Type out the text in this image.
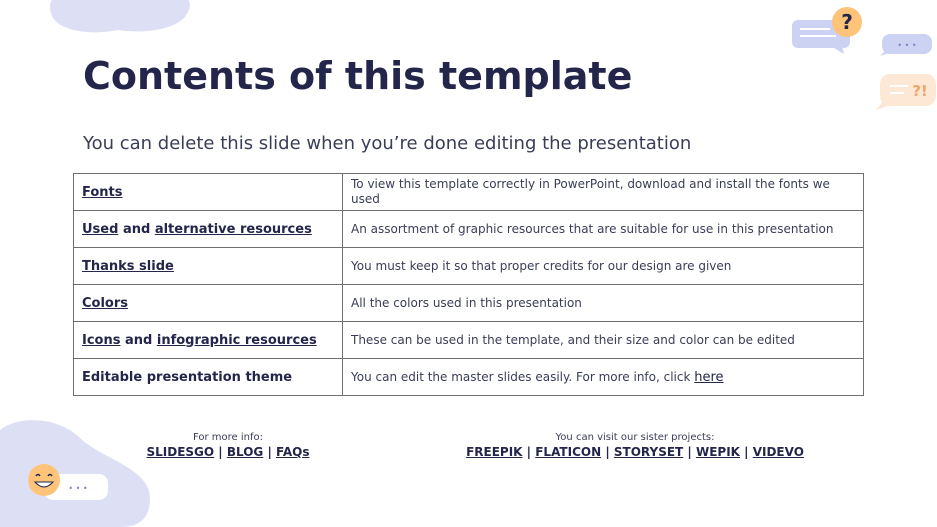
?
• • •
?!
• • •
Contents of this template

You can delete this slide when you’re done editing the presentation

Fonts	To view this template correctly in PowerPoint, download and install the fonts we used
Used and alternative resources	An assortment of graphic resources that are suitable for use in this presentation
Thanks slide	You must keep it so that proper credits for our design are given
Colors	All the colors used in this presentation
Icons and infographic resources	These can be used in the template, and their size and color can be edited
Editable presentation theme	You can edit the master slides easily. For more info, click here

For more info:

SLIDESGO | BLOG | FAQs

You can visit our sister projects:

FREEPIK | FLATICON | STORYSET | WEPIK | VIDEVO
